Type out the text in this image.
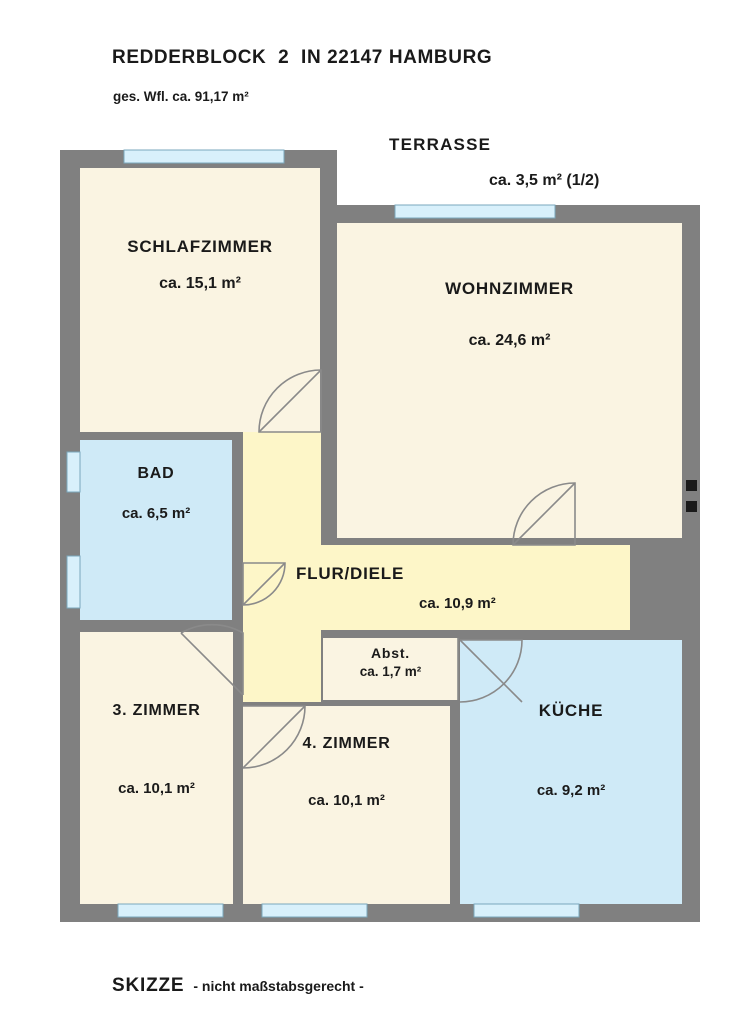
REDDERBLOCK  2  IN 22147 HAMBURG
ges. Wfl. ca. 91,17 m²
TERRASSE
ca. 3,5 m² (1/2)
SCHLAFZIMMER
ca. 15,1 m²	WOHNZIMMER
ca. 24,6 m²
BAD
ca. 6,5 m²
FLUR/DIELE
ca. 10,9 m²
Abst.
ca. 1,7 m²
3. ZIMMER
ca. 10,1 m²
4. ZIMMER
ca. 10,1 m²
KÜCHE
ca. 9,2 m²
SKIZZE - nicht maßstabsgerecht -
